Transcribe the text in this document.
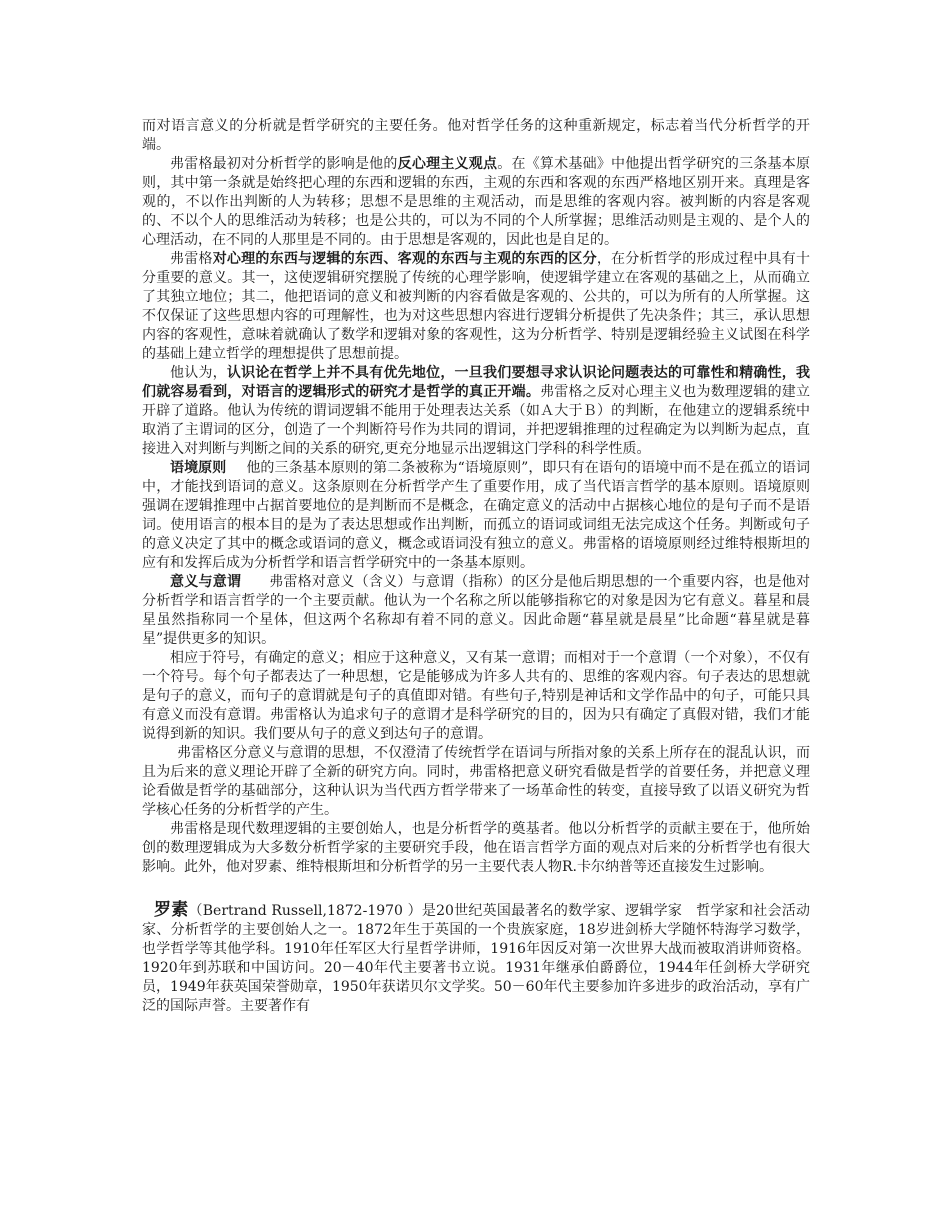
而对语言意义的分析就是哲学研究的主要任务。他对哲学任务的这种重新规定，标志着当代分析哲学的开端。

弗雷格最初对分析哲学的影响是他的反心理主义观点。在《算术基础》中他提出哲学研究的三条基本原则，其中第一条就是始终把心理的东西和逻辑的东西，主观的东西和客观的东西严格地区别开来。真理是客观的，不以作出判断的人为转移；思想不是思维的主观活动，而是思维的客观内容。被判断的内容是客观的、不以个人的思维活动为转移；也是公共的，可以为不同的个人所掌握；思维活动则是主观的、是个人的心理活动，在不同的人那里是不同的。由于思想是客观的，因此也是自足的。

弗雷格对心理的东西与逻辑的东西、客观的东西与主观的东西的区分，在分析哲学的形成过程中具有十分重要的意义。其一，这使逻辑研究摆脱了传统的心理学影响，使逻辑学建立在客观的基础之上，从而确立了其独立地位；其二，他把语词的意义和被判断的内容看做是客观的、公共的，可以为所有的人所掌握。这不仅保证了这些思想内容的可理解性，也为对这些思想内容进行逻辑分析提供了先决条件；其三，承认思想内容的客观性，意味着就确认了数学和逻辑对象的客观性，这为分析哲学、特别是逻辑经验主义试图在科学的基础上建立哲学的理想提供了思想前提。

他认为，认识论在哲学上并不具有优先地位，一旦我们要想寻求认识论问题表达的可靠性和精确性，我们就容易看到，对语言的逻辑形式的研究才是哲学的真正开端。弗雷格之反对心理主义也为数理逻辑的建立开辟了道路。他认为传统的谓词逻辑不能用于处理表达关系（如Ａ大于Ｂ）的判断，在他建立的逻辑系统中取消了主谓词的区分，创造了一个判断符号作为共同的谓词，并把逻辑推理的过程确定为以判断为起点，直接进入对判断与判断之间的关系的研究,更充分地显示出逻辑这门学科的科学性质。

语境原则 他的三条基本原则的第二条被称为“语境原则”，即只有在语句的语境中而不是在孤立的语词中，才能找到语词的意义。这条原则在分析哲学产生了重要作用，成了当代语言哲学的基本原则。语境原则强调在逻辑推理中占据首要地位的是判断而不是概念，在确定意义的活动中占据核心地位的是句子而不是语词。使用语言的根本目的是为了表达思想或作出判断，而孤立的语词或词组无法完成这个任务。判断或句子的意义决定了其中的概念或语词的意义，概念或语词没有独立的意义。弗雷格的语境原则经过维特根斯坦的应有和发挥后成为分析哲学和语言哲学研究中的一条基本原则。

意义与意谓 弗雷格对意义（含义）与意谓（指称）的区分是他后期思想的一个重要内容，也是他对分析哲学和语言哲学的一个主要贡献。他认为一个名称之所以能够指称它的对象是因为它有意义。暮星和晨星虽然指称同一个星体，但这两个名称却有着不同的意义。因此命题“暮星就是晨星”比命题“暮星就是暮星”提供更多的知识。

相应于符号，有确定的意义；相应于这种意义，又有某一意谓；而相对于一个意谓（一个对象），不仅有一个符号。每个句子都表达了一种思想，它是能够成为许多人共有的、思维的客观内容。句子表达的思想就是句子的意义，而句子的意谓就是句子的真值即对错。有些句子,特别是神话和文学作品中的句子，可能只具有意义而没有意谓。弗雷格认为追求句子的意谓才是科学研究的目的，因为只有确定了真假对错，我们才能说得到新的知识。我们要从句子的意义到达句子的意谓。

弗雷格区分意义与意谓的思想，不仅澄清了传统哲学在语词与所指对象的关系上所存在的混乱认识，而且为后来的意义理论开辟了全新的研究方向。同时，弗雷格把意义研究看做是哲学的首要任务，并把意义理论看做是哲学的基础部分，这种认识为当代西方哲学带来了一场革命性的转变，直接导致了以语义研究为哲学核心任务的分析哲学的产生。

弗雷格是现代数理逻辑的主要创始人，也是分析哲学的奠基者。他以分析哲学的贡献主要在于，他所始创的数理逻辑成为大多数分析哲学家的主要研究手段，他在语言哲学方面的观点对后来的分析哲学也有很大影响。此外，他对罗素、维特根斯坦和分析哲学的另一主要代表人物R.卡尔纳普等还直接发生过影响。

罗素（Bertrand Russell,1872-1970 ）是20世纪英国最著名的数学家、逻辑学家　哲学家和社会活动家、分析哲学的主要创始人之一。1872年生于英国的一个贵族家庭，18岁进剑桥大学随怀特海学习数学，也学哲学等其他学科。1910年任军区大行星哲学讲师，1916年因反对第一次世界大战而被取消讲师资格。1920年到苏联和中国访问。20－40年代主要著书立说。1931年继承伯爵爵位，1944年任剑桥大学研究员，1949年获英国荣誉勋章，1950年获诺贝尔文学奖。50－60年代主要参加许多进步的政治活动，享有广泛的国际声誉。主要著作有
